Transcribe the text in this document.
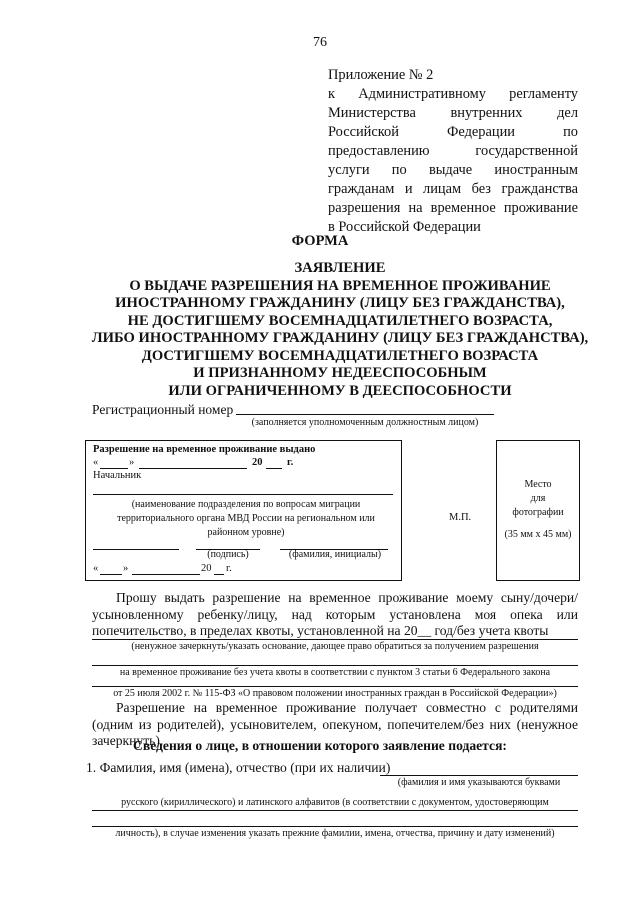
76
Приложение № 2
к Административному регламенту
Министерства внутренних дел
Российской Федерации по
предоставлению государственной
услуги по выдаче иностранным
гражданам и лицам без гражданства
разрешения на временное проживание
в Российской Федерации
ФОРМА
ЗАЯВЛЕНИЕ
О ВЫДАЧЕ РАЗРЕШЕНИЯ НА ВРЕМЕННОЕ ПРОЖИВАНИЕ
ИНОСТРАННОМУ ГРАЖДАНИНУ (ЛИЦУ БЕЗ ГРАЖДАНСТВА),
НЕ ДОСТИГШЕМУ ВОСЕМНАДЦАТИЛЕТНЕГО ВОЗРАСТА,
ЛИБО ИНОСТРАННОМУ ГРАЖДАНИНУ (ЛИЦУ БЕЗ ГРАЖДАНСТВА),
ДОСТИГШЕМУ ВОСЕМНАДЦАТИЛЕТНЕГО ВОЗРАСТА
И ПРИЗНАННОМУ НЕДЕЕСПОСОБНЫМ
ИЛИ ОГРАНИЧЕННОМУ В ДЕЕСПОСОБНОСТИ
Регистрационный номер
(заполняется уполномоченным должностным лицом)
Разрешение на временное проживание выдано
«	»	20 г.
Начальник
(наименование подразделения по вопросам миграции территориального органа МВД России на региональном или районном уровне)
(подпись)	(фамилия, инициалы)
« »	20 г.
М.П.
Место
для
фотографии
(35 мм x 45 мм)
Прошу выдать разрешение на временное проживание моему сыну/дочери/усыновленному ребенку/лицу, над которым установлена моя опека или попечительство, в пределах квоты, установленной на 20__ год/без учета квоты
(ненужное зачеркнуть/указать основание, дающее право обратиться за получением разрешения
на временное проживание без учета квоты в соответствии с пунктом 3 статьи 6 Федерального закона
от 25 июля 2002 г. № 115-ФЗ «О правовом положении иностранных граждан в Российской Федерации»)
Разрешение на временное проживание получает совместно с родителями (одним из родителей), усыновителем, опекуном, попечителем/без них (ненужное зачеркнуть).
Сведения о лице, в отношении которого заявление подается:
1. Фамилия, имя (имена), отчество (при их наличии)
(фамилия и имя указываются буквами
русского (кириллического) и латинского алфавитов (в соответствии с документом, удостоверяющим
личность), в случае изменения указать прежние фамилии, имена, отчества, причину и дату изменений)
